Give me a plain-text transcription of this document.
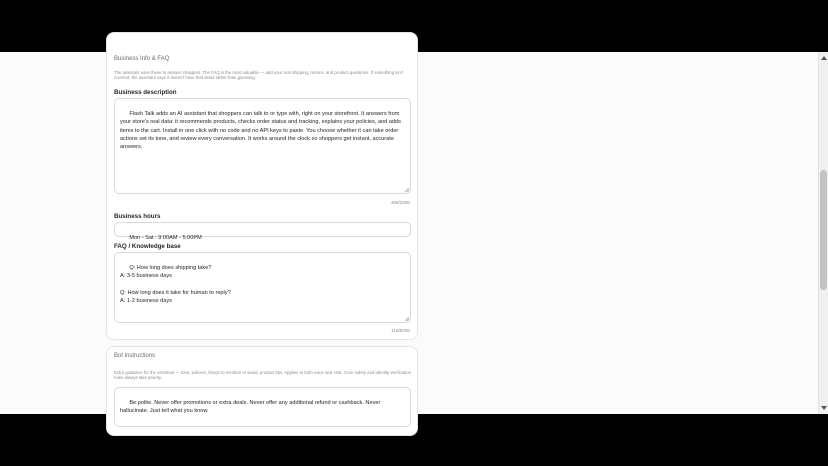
Business Info & FAQ
The assistant uses these to answer shoppers. The FAQ is the most valuable — add your real shipping, returns, and product questions. If something isn't covered, the assistant says it doesn't have that detail rather than guessing.
Business description

Flash Talk adds an AI assistant that shoppers can talk to or type with, right on your storefront. It answers from your store's real data: it recommends products, checks order status and tracking, explains your policies, and adds items to the cart. Install in one click with no code and no API keys to paste. You choose whether it can take order actions set its tone, and review every conversation. It works around the clock so shoppers get instant, accurate answers.

466/2000
Business hours

Mon - Sat : 9:00AM - 5:00PM

FAQ / Knowledge base

Q: How long does shipping take?
A: 3-5 business days

Q: How long does it take for human to reply?
A: 1-2 business days

119/8000
Bot instructions
Extra guidance for the assistant — tone, policies, things to mention or avoid, product tips. Applies to both voice and chat. Core safety and identity-verification rules always take priority.

Be polite. Never offer promotions or extra deals. Never offer any additional refund or cashback. Never hallucinate. Just tell what you know.
